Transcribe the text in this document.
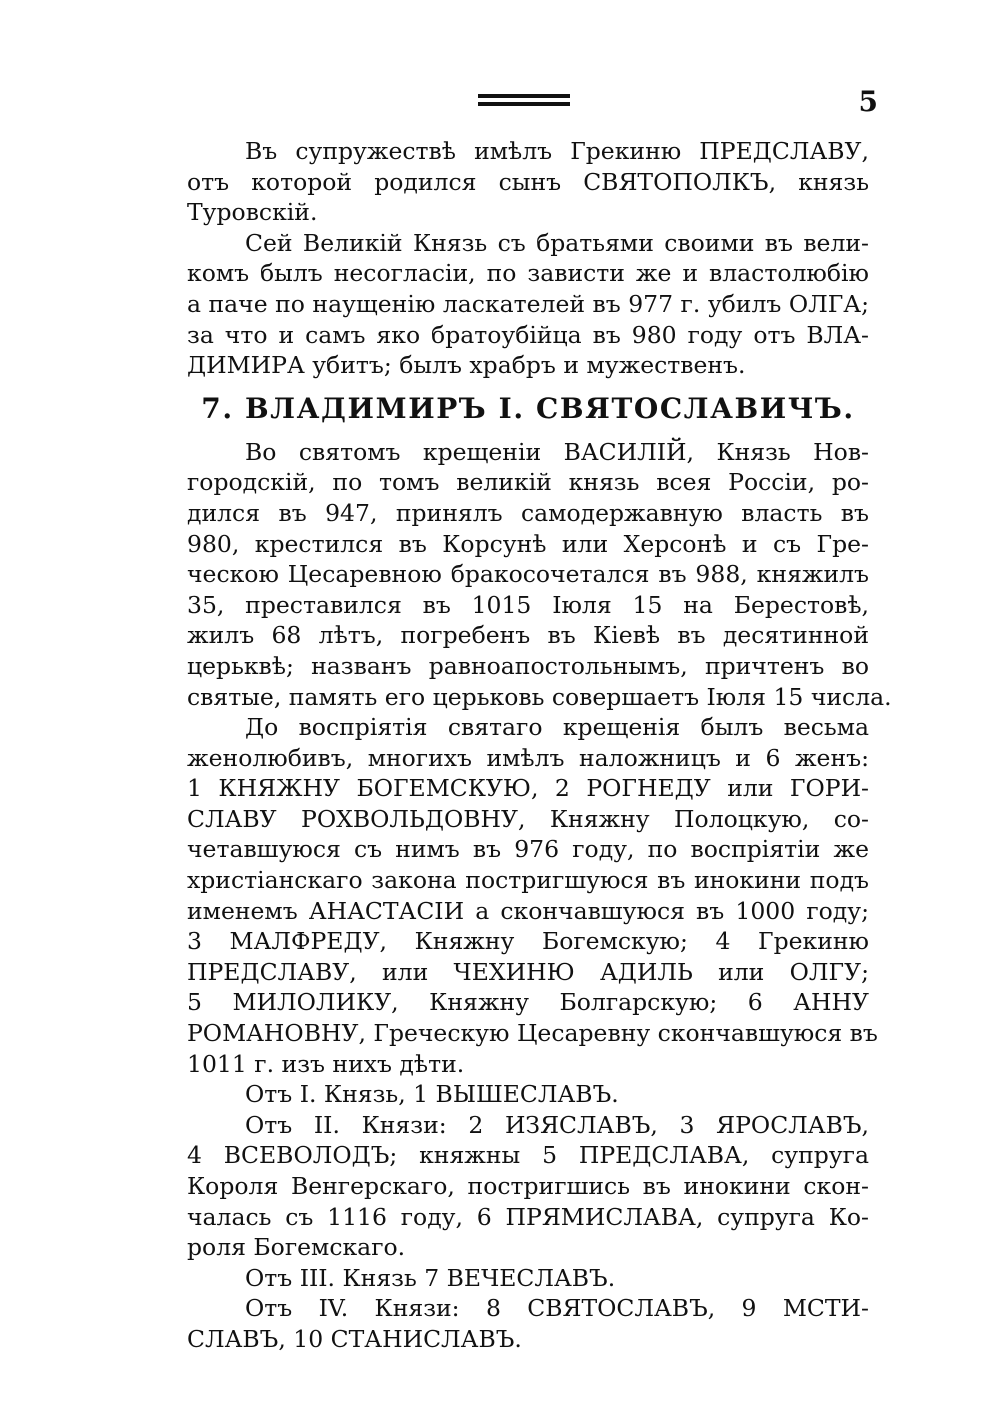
5
Въ супружествѣ имѣлъ Грекиню ПРЕДСЛАВУ,
отъ которой родился сынъ СВЯТОПОЛКЪ, князь
Туровскій.
Сей Великій Князь съ братьями своими въ вели-
комъ былъ несогласіи, по зависти же и властолюбію
а паче по наущенію ласкателей въ 977 г. убилъ ОЛГА;
за что и самъ яко братоубійца въ 980 году отъ ВЛА-
ДИМИРА убитъ; былъ храбръ и мужественъ.
7. ВЛАДИМИРЪ I. СВЯТОСЛАВИЧЪ.
Во святомъ крещеніи ВАСИЛІЙ, Князь Нов-
городскій, по томъ великій князь всея Россіи, ро-
дился въ 947, принялъ самодержавную власть въ
980, крестился въ Корсунѣ или Херсонѣ и съ Гре-
ческою Цесаревною бракосочетался въ 988, княжилъ
35, преставился въ 1015 Іюля 15 на Берестовѣ,
жилъ 68 лѣтъ, погребенъ въ Кіевѣ въ десятинной
церьквѣ; названъ равноапостольнымъ, причтенъ во
святые, память его церьковь совершаетъ Іюля 15 числа.
До воспріятія святаго крещенія былъ весьма
женолюбивъ, многихъ имѣлъ наложницъ и 6 женъ:
1 КНЯЖНУ БОГЕМСКУЮ, 2 РОГНЕДУ или ГОРИ-
СЛАВУ РОХВОЛЬДОВНУ, Княжну Полоцкую, со-
четавшуюся съ нимъ въ 976 году, по воспріятіи же
христіанскаго закона постригшуюся въ инокини подъ
именемъ АНАСТАСІИ а скончавшуюся въ 1000 году;
3 МАЛФРЕДУ, Княжну Богемскую; 4 Грекиню
ПРЕДСЛАВУ, или ЧЕХИНЮ АДИЛЬ или ОЛГУ;
5 МИЛОЛИКУ, Княжну Болгарскую; 6 АННУ
РОМАНОВНУ, Греческую Цесаревну скончавшуюся въ
1011 г. изъ нихъ дѣти.
Отъ I. Князь, 1 ВЫШЕСЛАВЪ.
Отъ II. Князи: 2 ИЗЯСЛАВЪ, 3 ЯРОСЛАВЪ,
4 ВСЕВОЛОДЪ; княжны 5 ПРЕДСЛАВА, супруга
Короля Венгерскаго, постригшись въ инокини скон-
чалась съ 1116 году, 6 ПРЯМИСЛАВА, супруга Ко-
роля Богемскаго.
Отъ III. Князь 7 ВЕЧЕСЛАВЪ.
Отъ IV. Князи: 8 СВЯТОСЛАВЪ, 9 МСТИ-
СЛАВЪ, 10 СТАНИСЛАВЪ.
